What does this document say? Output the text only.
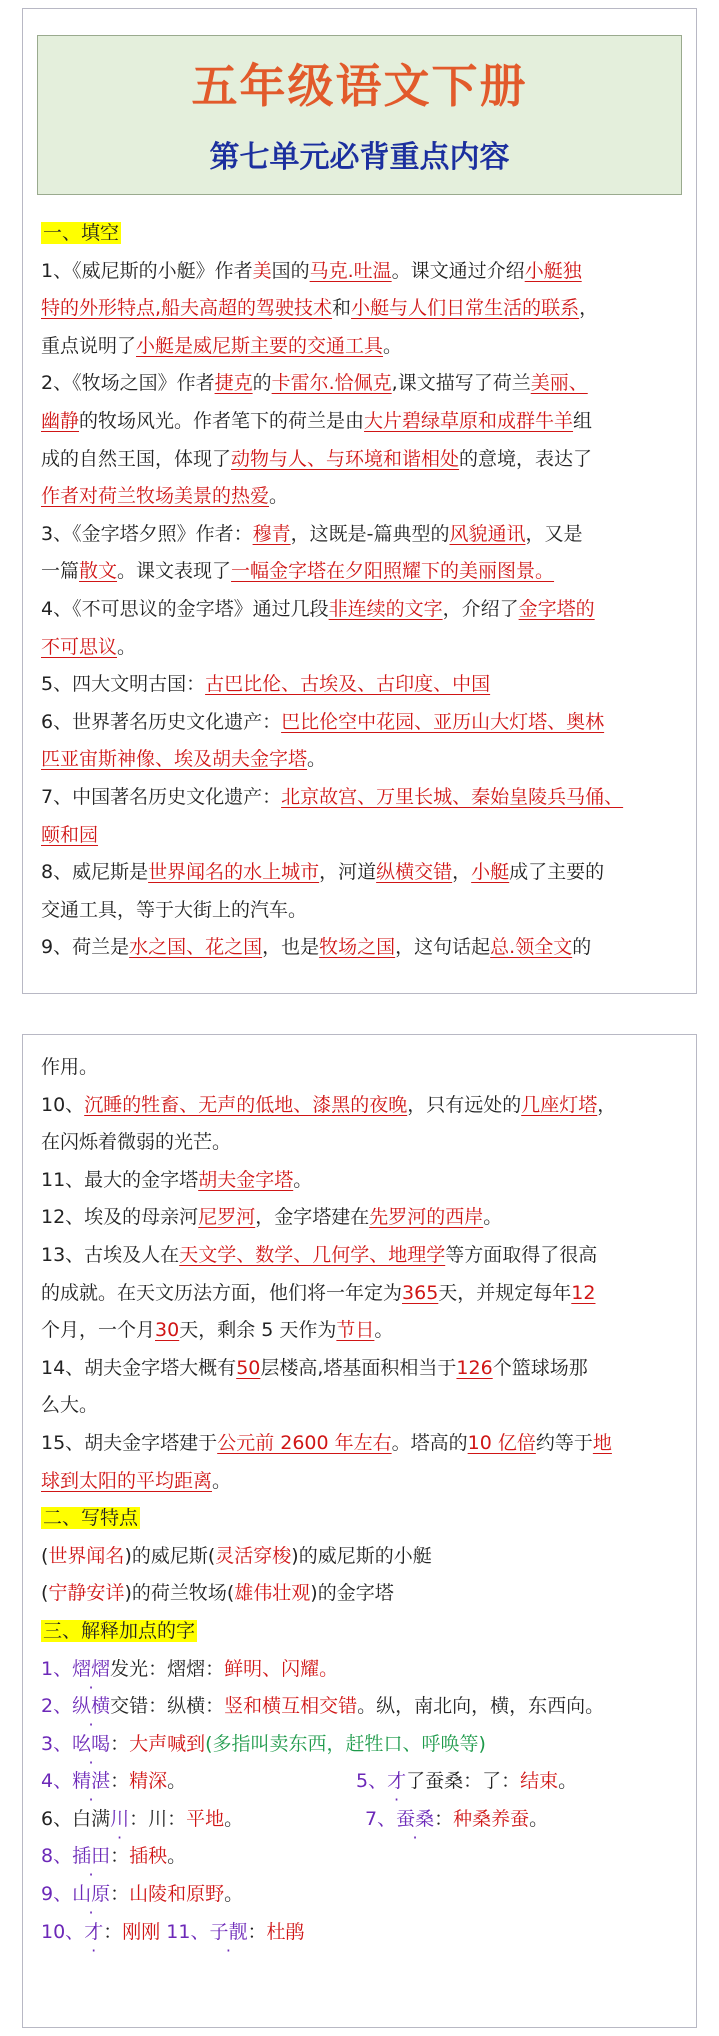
五年级语文下册
第七单元必背重点内容
一、填空
1、《威尼斯的小艇》作者美国的马克.吐温。课文通过介绍小艇独
特的外形特点,船夫高超的驾驶技术和小艇与人们日常生活的联系，
重点说明了小艇是威尼斯主要的交通工具。
2、《牧场之国》作者捷克的卡雷尔.恰佩克,课文描写了荷兰美丽、
幽静的牧场风光。作者笔下的荷兰是由大片碧绿草原和成群牛羊组
成的自然王国，体现了动物与人、与环境和谐相处的意境，表达了
作者对荷兰牧场美景的热爱。
3、《金字塔夕照》作者：穆青，这既是-篇典型的风貌通讯，又是
一篇散文。课文表现了一幅金字塔在夕阳照耀下的美丽图景。
4、《不可思议的金字塔》通过几段非连续的文字，介绍了金字塔的
不可思议。
5、四大文明古国：古巴比伦、古埃及、古印度、中国
6、世界著名历史文化遗产：巴比伦空中花园、亚历山大灯塔、奥林
匹亚宙斯神像、埃及胡夫金字塔。
7、中国著名历史文化遗产：北京故宫、万里长城、秦始皇陵兵马俑、
颐和园
8、威尼斯是世界闻名的水上城市，河道纵横交错，小艇成了主要的
交通工具，等于大街上的汽车。
9、荷兰是水之国、花之国，也是牧场之国，这句话起总.领全文的
作用。
10、沉睡的牲畜、无声的低地、漆黑的夜晚，只有远处的几座灯塔，
在闪烁着微弱的光芒。
11、最大的金字塔胡夫金字塔。
12、埃及的母亲河尼罗河，金字塔建在先罗河的西岸。
13、古埃及人在天文学、数学、几何学、地理学等方面取得了很高
的成就。在天文历法方面，他们将一年定为365天，并规定每年12
个月，一个月30天，剩余 5 天作为节日。
14、胡夫金字塔大概有50层楼高,塔基面积相当于126个篮球场那
么大。
15、胡夫金字塔建于公元前 2600 年左右。塔高的10 亿倍约等于地
球到太阳的平均距离。
二、写特点
(世界闻名)的威尼斯(灵活穿梭)的威尼斯的小艇
(宁静安详)的荷兰牧场(雄伟壮观)的金字塔
三、解释加点的字
1、熠熠发光：熠熠：鲜明、闪耀。
2、纵横交错：纵横：竖和横互相交错。纵，南北向，横，东西向。
3、吆喝：大声喊到(多指叫卖东西，赶牲口、呼唤等)
4、精湛：精深。	5、才了蚕桑：了：结束。
6、白满川：川：平地。	7、蚕桑：种桑养蚕。
8、插田：插秧。
9、山原：山陵和原野。
10、才：刚刚 11、子靓：杜鹃
